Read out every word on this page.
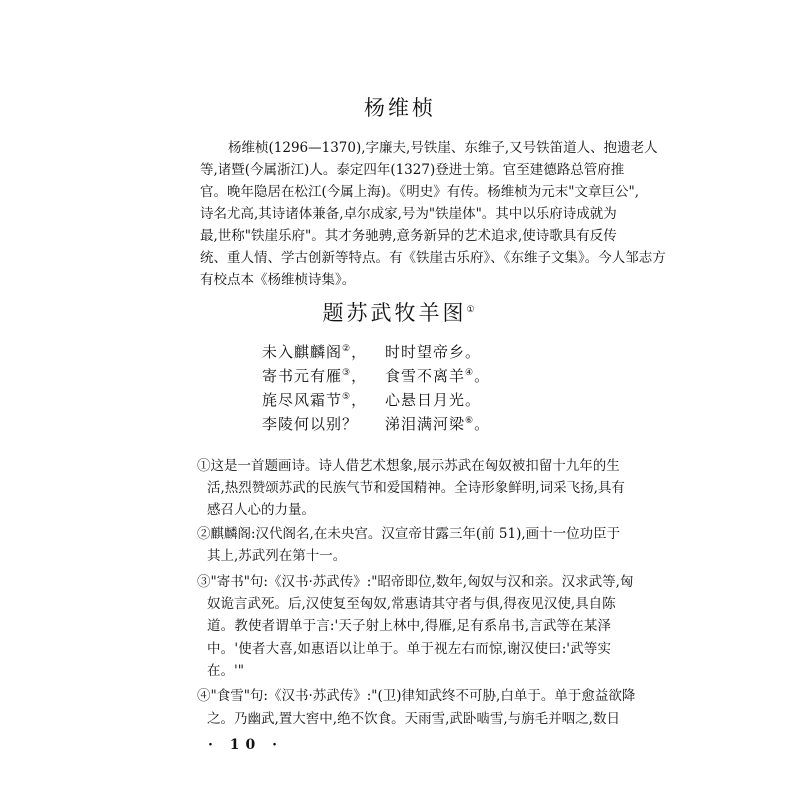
杨维桢
杨维桢(1296—1370),字廉夫,号铁崖、东维子,又号铁笛道人、抱遗老人
等,诸暨(今属浙江)人。泰定四年(1327)登进士第。官至建德路总管府推
官。晚年隐居在松江(今属上海)。《明史》有传。杨维桢为元末"文章巨公",
诗名尤高,其诗诸体兼备,卓尔成家,号为"铁崖体"。其中以乐府诗成就为
最,世称"铁崖乐府"。其才务驰骋,意务新异的艺术追求,使诗歌具有反传
统、重人情、学古创新等特点。有《铁崖古乐府》、《东维子文集》。今人邹志方
有校点本《杨维桢诗集》。
题苏武牧羊图①
未入麒麟阁②， 时时望帝乡。
寄书元有雁③， 食雪不离羊④。
旄尽风霜节⑤， 心悬日月光。
李陵何以别？ 涕泪满河梁⑥。
①这是一首题画诗。诗人借艺术想象,展示苏武在匈奴被扣留十九年的生
活,热烈赞颂苏武的民族气节和爱国精神。全诗形象鲜明,词采飞扬,具有
感召人心的力量。
②麒麟阁:汉代阁名,在未央宫。汉宣帝甘露三年(前 51),画十一位功臣于
其上,苏武列在第十一。
③"寄书"句:《汉书·苏武传》:"昭帝即位,数年,匈奴与汉和亲。汉求武等,匈
奴诡言武死。后,汉使复至匈奴,常惠请其守者与俱,得夜见汉使,具自陈
道。教使者谓单于言:'天子射上林中,得雁,足有系帛书,言武等在某泽
中。'使者大喜,如惠语以让单于。单于视左右而惊,谢汉使曰:'武等实
在。'"
④"食雪"句:《汉书·苏武传》:"(卫)律知武终不可胁,白单于。单于愈益欲降
之。乃幽武,置大窖中,绝不饮食。天雨雪,武卧啮雪,与旃毛并咽之,数日
· 10 ·
